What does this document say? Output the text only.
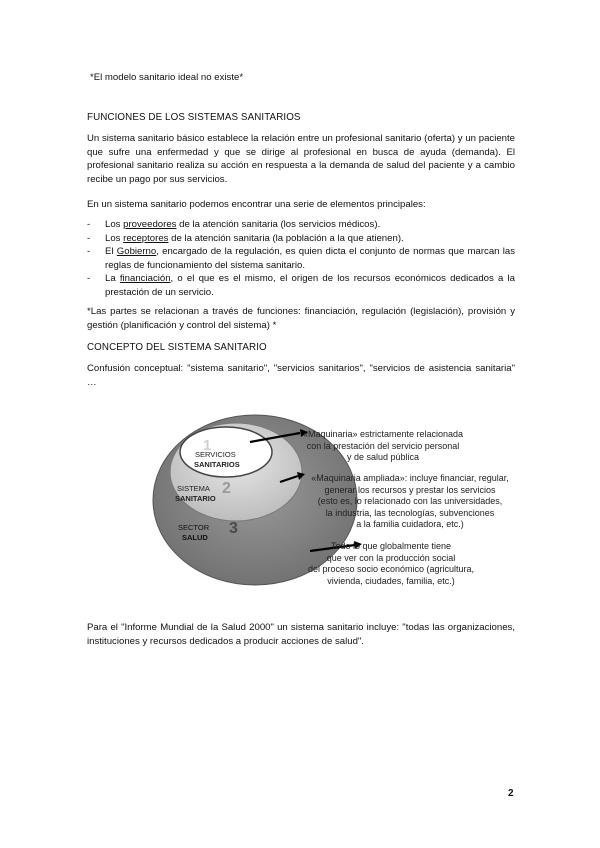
*El modelo sanitario ideal no existe*

FUNCIONES DE LOS SISTEMAS SANITARIOS

Un sistema sanitario básico establece la relación entre un profesional sanitario (oferta) y un paciente que sufre una enfermedad y que se dirige al profesional en busca de ayuda (demanda). El profesional sanitario realiza su acción en respuesta a la demanda de salud del paciente y a cambio recibe un pago por sus servicios.

En un sistema sanitario podemos encontrar una serie de elementos principales:

- Los proveedores de la atención sanitaria (los servicios médicos).
- Los receptores de la atención sanitaria (la población a la que atienen).
- El Gobierno, encargado de la regulación, es quien dicta el conjunto de normas que marcan las reglas de funcionamiento del sistema sanitario.
- La financiación, o el que es el mismo, el origen de los recursos económicos dedicados a la prestación de un servicio.

*Las partes se relacionan a través de funciones: financiación, regulación (legislación), provisión y gestión (planificación y control del sistema) *

CONCEPTO DEL SISTEMA SANITARIO

Confusión conceptual: "sistema sanitario", "servicios sanitarios", "servicios de asistencia sanitaria" …

1
SERVICIOS
SANITARIOS
2
SISTEMA
SANITARIO
3
SECTOR
SALUD
«Maquinaria» estrictamente relacionada
con la prestación del servicio personal
y de salud pública
«Maquinaria ampliada»: incluye financiar, regular,
generar los recursos y prestar los servicios
(esto es, lo relacionado con las universidades,
la industria, las tecnologías, subvenciones
a la familia cuidadora, etc.)
Todo lo que globalmente tiene
que ver con la producción social
del proceso socio económico (agricultura,
vivienda, ciudades, familia, etc.)

Para el "Informe Mundial de la Salud 2000" un sistema sanitario incluye: "todas las organizaciones, instituciones y recursos dedicados a producir acciones de salud".

2
